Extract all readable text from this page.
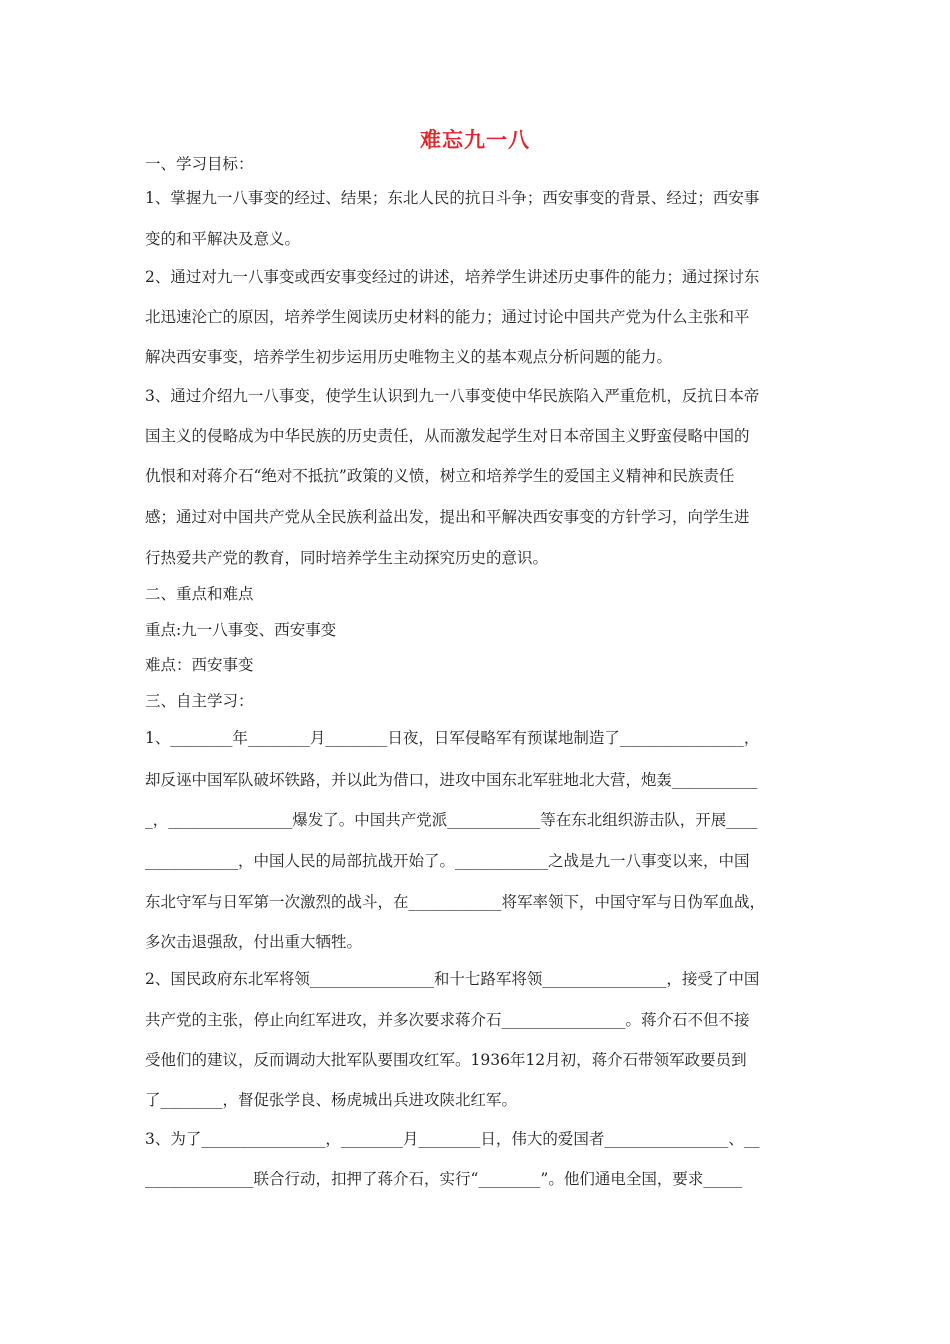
难忘九一八
一、学习目标：
1、掌握九一八事变的经过、结果；东北人民的抗日斗争；西安事变的背景、经过；西安事
变的和平解决及意义。
2、通过对九一八事变或西安事变经过的讲述，培养学生讲述历史事件的能力；通过探讨东
北迅速沦亡的原因，培养学生阅读历史材料的能力；通过讨论中国共产党为什么主张和平
解决西安事变，培养学生初步运用历史唯物主义的基本观点分析问题的能力。
3、通过介绍九一八事变，使学生认识到九一八事变使中华民族陷入严重危机，反抗日本帝
国主义的侵略成为中华民族的历史责任，从而激发起学生对日本帝国主义野蛮侵略中国的
仇恨和对蒋介石“绝对不抵抗”政策的义愤，树立和培养学生的爱国主义精神和民族责任
感；通过对中国共产党从全民族利益出发，提出和平解决西安事变的方针学习，向学生进
行热爱共产党的教育，同时培养学生主动探究历史的意识。
二、重点和难点
重点:九一八事变、西安事变
难点：西安事变
三、自主学习：
1、________年________月________日夜，日军侵略军有预谋地制造了________________，
却反诬中国军队破坏铁路，并以此为借口，进攻中国东北军驻地北大营，炮轰___________
_，________________爆发了。中国共产党派____________等在东北组织游击队，开展____
____________，中国人民的局部抗战开始了。____________之战是九一八事变以来，中国
东北守军与日军第一次激烈的战斗，在____________将军率领下，中国守军与日伪军血战，
多次击退强敌，付出重大牺牲。
2、国民政府东北军将领________________和十七路军将领________________，接受了中国
共产党的主张，停止向红军进攻，并多次要求蒋介石________________。蒋介石不但不接
受他们的建议，反而调动大批军队要围攻红军。1936年12月初，蒋介石带领军政要员到
了________，督促张学良、杨虎城出兵进攻陕北红军。
3、为了________________，________月________日，伟大的爱国者________________、__
______________联合行动，扣押了蒋介石，实行“________”。他们通电全国，要求_____
